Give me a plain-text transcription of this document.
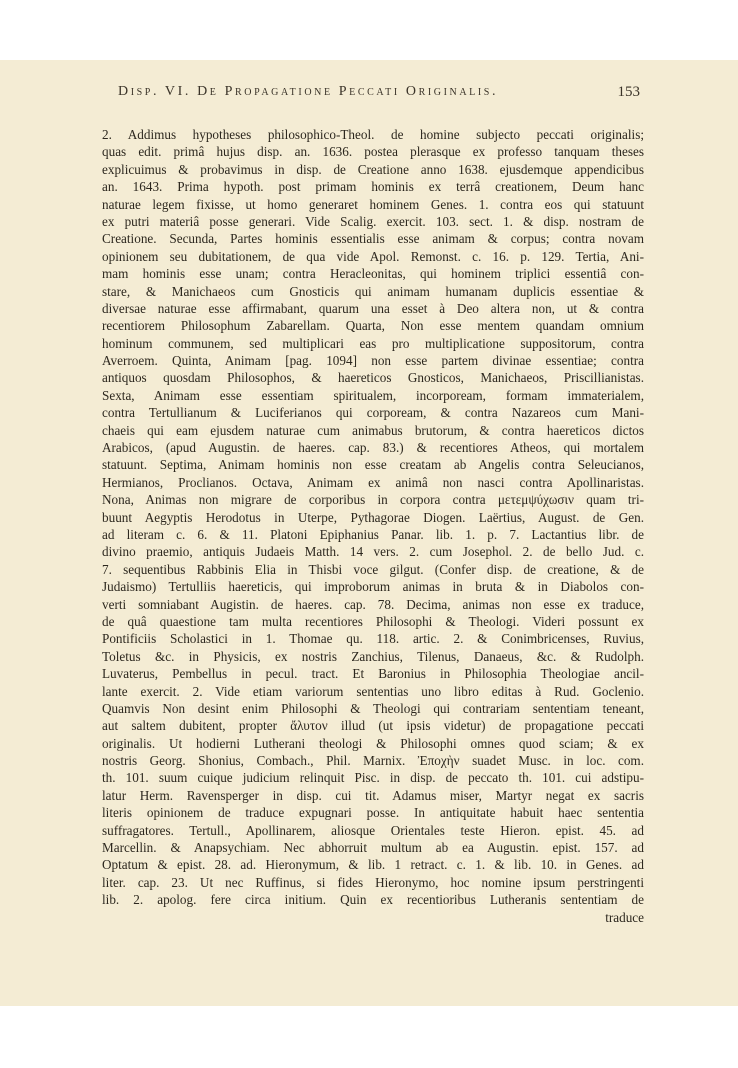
Disp. VI. De Propagatione Peccati Originalis.	153
2. Addimus hypotheses philosophico-Theol. de homine subjecto peccati originalis;
quas edit. primâ hujus disp. an. 1636. postea plerasque ex professo tanquam theses
explicuimus & probavimus in disp. de Creatione anno 1638. ejusdemque appendicibus
an. 1643. Prima hypoth. post primam hominis ex terrâ creationem, Deum hanc
naturae legem fixisse, ut homo generaret hominem Genes. 1. contra eos qui statuunt
ex putri materiâ posse generari. Vide Scalig. exercit. 103. sect. 1. & disp. nostram de
Creatione. Secunda, Partes hominis essentialis esse animam & corpus; contra novam
opinionem seu dubitationem, de qua vide Apol. Remonst. c. 16. p. 129. Tertia, Ani-
mam hominis esse unam; contra Heracleonitas, qui hominem triplici essentiâ con-
stare, & Manichaeos cum Gnosticis qui animam humanam duplicis essentiae &
diversae naturae esse affirmabant, quarum una esset à Deo altera non, ut & contra
recentiorem Philosophum Zabarellam. Quarta, Non esse mentem quandam omnium
hominum communem, sed multiplicari eas pro multiplicatione suppositorum, contra
Averroem. Quinta, Animam [pag. 1094] non esse partem divinae essentiae; contra
antiquos quosdam Philosophos, & haereticos Gnosticos, Manichaeos, Priscillianistas.
Sexta, Animam esse essentiam spiritualem, incorpoream, formam immaterialem,
contra Tertullianum & Luciferianos qui corpoream, & contra Nazareos cum Mani-
chaeis qui eam ejusdem naturae cum animabus brutorum, & contra haereticos dictos
Arabicos, (apud Augustin. de haeres. cap. 83.) & recentiores Atheos, qui mortalem
statuunt. Septima, Animam hominis non esse creatam ab Angelis contra Seleucianos,
Hermianos, Proclianos. Octava, Animam ex animâ non nasci contra Apollinaristas.
Nona, Animas non migrare de corporibus in corpora contra μετεμψύχωσιν quam tri-
buunt Aegyptis Herodotus in Uterpe, Pythagorae Diogen. Laërtius, August. de Gen.
ad literam c. 6. & 11. Platoni Epiphanius Panar. lib. 1. p. 7. Lactantius libr. de
divino praemio, antiquis Judaeis Matth. 14 vers. 2. cum Josephol. 2. de bello Jud. c.
7. sequentibus Rabbinis Elia in Thisbi voce gilgut. (Confer disp. de creatione, & de
Judaismo) Tertulliis haereticis, qui improborum animas in bruta & in Diabolos con-
verti somniabant Augistin. de haeres. cap. 78. Decima, animas non esse ex traduce,
de quâ quaestione tam multa recentiores Philosophi & Theologi. Videri possunt ex
Pontificiis Scholastici in 1. Thomae qu. 118. artic. 2. & Conimbricenses, Ruvius,
Toletus &c. in Physicis, ex nostris Zanchius, Tilenus, Danaeus, &c. & Rudolph.
Luvaterus, Pembellus in pecul. tract. Et Baronius in Philosophia Theologiae ancil-
lante exercit. 2. Vide etiam variorum sententias uno libro editas à Rud. Goclenio.
Quamvis Non desint enim Philosophi & Theologi qui contrariam sententiam teneant,
aut saltem dubitent, propter ἄλυτον illud (ut ipsis videtur) de propagatione peccati
originalis. Ut hodierni Lutherani theologi & Philosophi omnes quod sciam; & ex
nostris Georg. Shonius, Combach., Phil. Marnix. Ἐποχὴν suadet Musc. in loc. com.
th. 101. suum cuique judicium relinquit Pisc. in disp. de peccato th. 101. cui adstipu-
latur Herm. Ravensperger in disp. cui tit. Adamus miser, Martyr negat ex sacris
literis opinionem de traduce expugnari posse. In antiquitate habuit haec sententia
suffragatores. Tertull., Apollinarem, aliosque Orientales teste Hieron. epist. 45. ad
Marcellin. & Anapsychiam. Nec abhorruit multum ab ea Augustin. epist. 157. ad
Optatum & epist. 28. ad. Hieronymum, & lib. 1 retract. c. 1. & lib. 10. in Genes. ad
liter. cap. 23. Ut nec Ruffinus, si fides Hieronymo, hoc nomine ipsum perstringenti
lib. 2. apolog. fere circa initium. Quin ex recentioribus Lutheranis sententiam de
traduce
